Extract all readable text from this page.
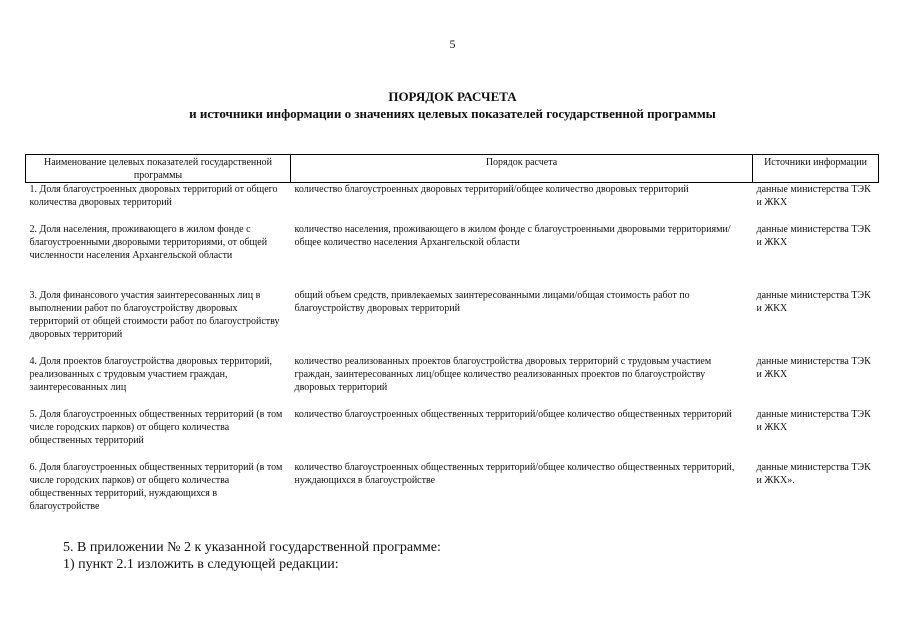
5
ПОРЯДОК РАСЧЕТА
и источники информации о значениях целевых показателей государственной программы
Наименование целевых показателей государственной программы	Порядок расчета	Источники информации
1. Доля благоустроенных дворовых территорий от общего количества дворовых территорий	количество благоустроенных дворовых территорий/общее количество дворовых территорий	данные министерства ТЭК и ЖКХ
2. Доля населения, проживающего в жилом фонде с благоустроенными дворовыми территориями, от общей численности населения Архангельской области	количество населения, проживающего в жилом фонде с благоустроенными дворовыми территориями/общее количество населения Архангельской области	данные министерства ТЭК и ЖКХ
3. Доля финансового участия заинтересованных лиц в выполнении работ по благоустройству дворовых территорий от общей стоимости работ по благоустройству дворовых территорий	общий объем средств, привлекаемых заинтересованными лицами/общая стоимость работ по благоустройству дворовых территорий	данные министерства ТЭК и ЖКХ
4. Доля проектов благоустройства дворовых территорий, реализованных с трудовым участием граждан, заинтересованных лиц	количество реализованных проектов благоустройства дворовых территорий с трудовым участием граждан, заинтересованных лиц/общее количество реализованных проектов по благоустройству дворовых территорий	данные министерства ТЭК и ЖКХ
5. Доля благоустроенных общественных территорий (в том числе городских парков) от общего количества общественных территорий	количество благоустроенных общественных территорий/общее количество общественных территорий	данные министерства ТЭК и ЖКХ
6. Доля благоустроенных общественных территорий (в том числе городских парков) от общего количества общественных территорий, нуждающихся в благоустройстве	количество благоустроенных общественных территорий/общее количество общественных территорий, нуждающихся в благоустройстве	данные министерства ТЭК и ЖКХ».
5. В приложении № 2 к указанной государственной программе:
1) пункт 2.1 изложить в следующей редакции:
